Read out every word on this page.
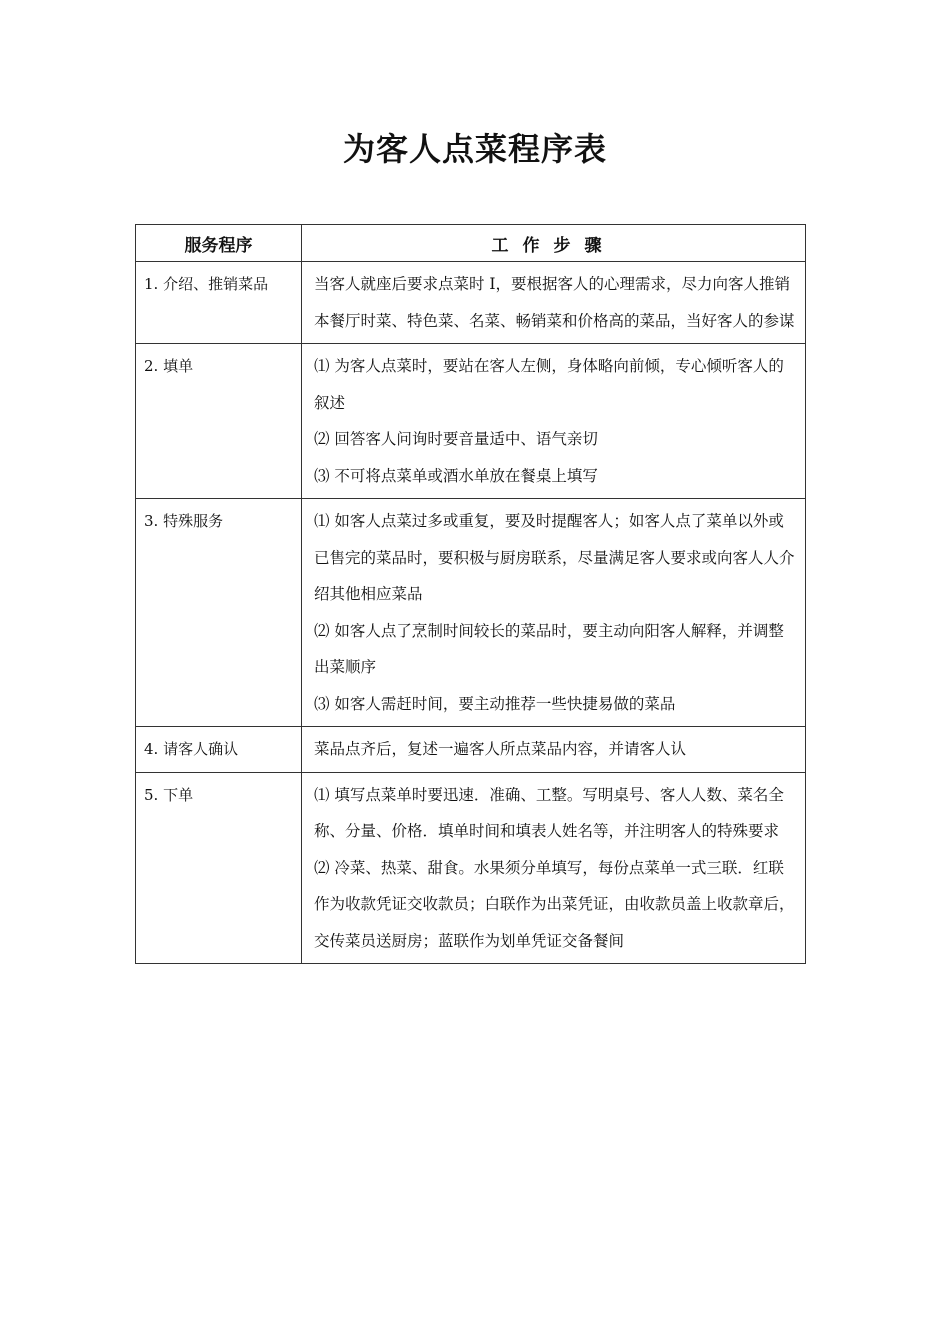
为客人点菜程序表
服务程序	工作步骤
1. 介绍、推销菜品	当客人就座后要求点菜时 I，要根据客人的心理需求，尽力向客人推销本餐厅时菜、特色菜、名菜、畅销菜和价格高的菜品，当好客人的参谋

2. 填单	⑴ 为客人点菜时，要站在客人左侧，身体略向前倾，专心倾听客人的叙述
⑵ 回答客人问询时要音量适中、语气亲切
⑶ 不可将点菜单或酒水单放在餐桌上填写

3. 特殊服务	⑴ 如客人点菜过多或重复，要及时提醒客人；如客人点了菜单以外或已售完的菜品时，要积极与厨房联系，尽量满足客人要求或向客人人介绍其他相应菜品
⑵ 如客人点了烹制时间较长的菜品时，要主动向阳客人解释，并调整出菜顺序
⑶ 如客人需赶时间，要主动推荐一些快捷易做的菜品

4. 请客人确认	菜品点齐后，复述一遍客人所点菜品内容，并请客人认

5. 下单	⑴ 填写点菜单时要迅速．准确、工整。写明桌号、客人人数、菜名全称、分量、价格．填单时间和填表人姓名等，并注明客人的特殊要求
⑵ 冷菜、热菜、甜食。水果须分单填写，每份点菜单一式三联．红联作为收款凭证交收款员；白联作为出菜凭证，由收款员盖上收款章后，交传菜员送厨房；蓝联作为划单凭证交备餐间
